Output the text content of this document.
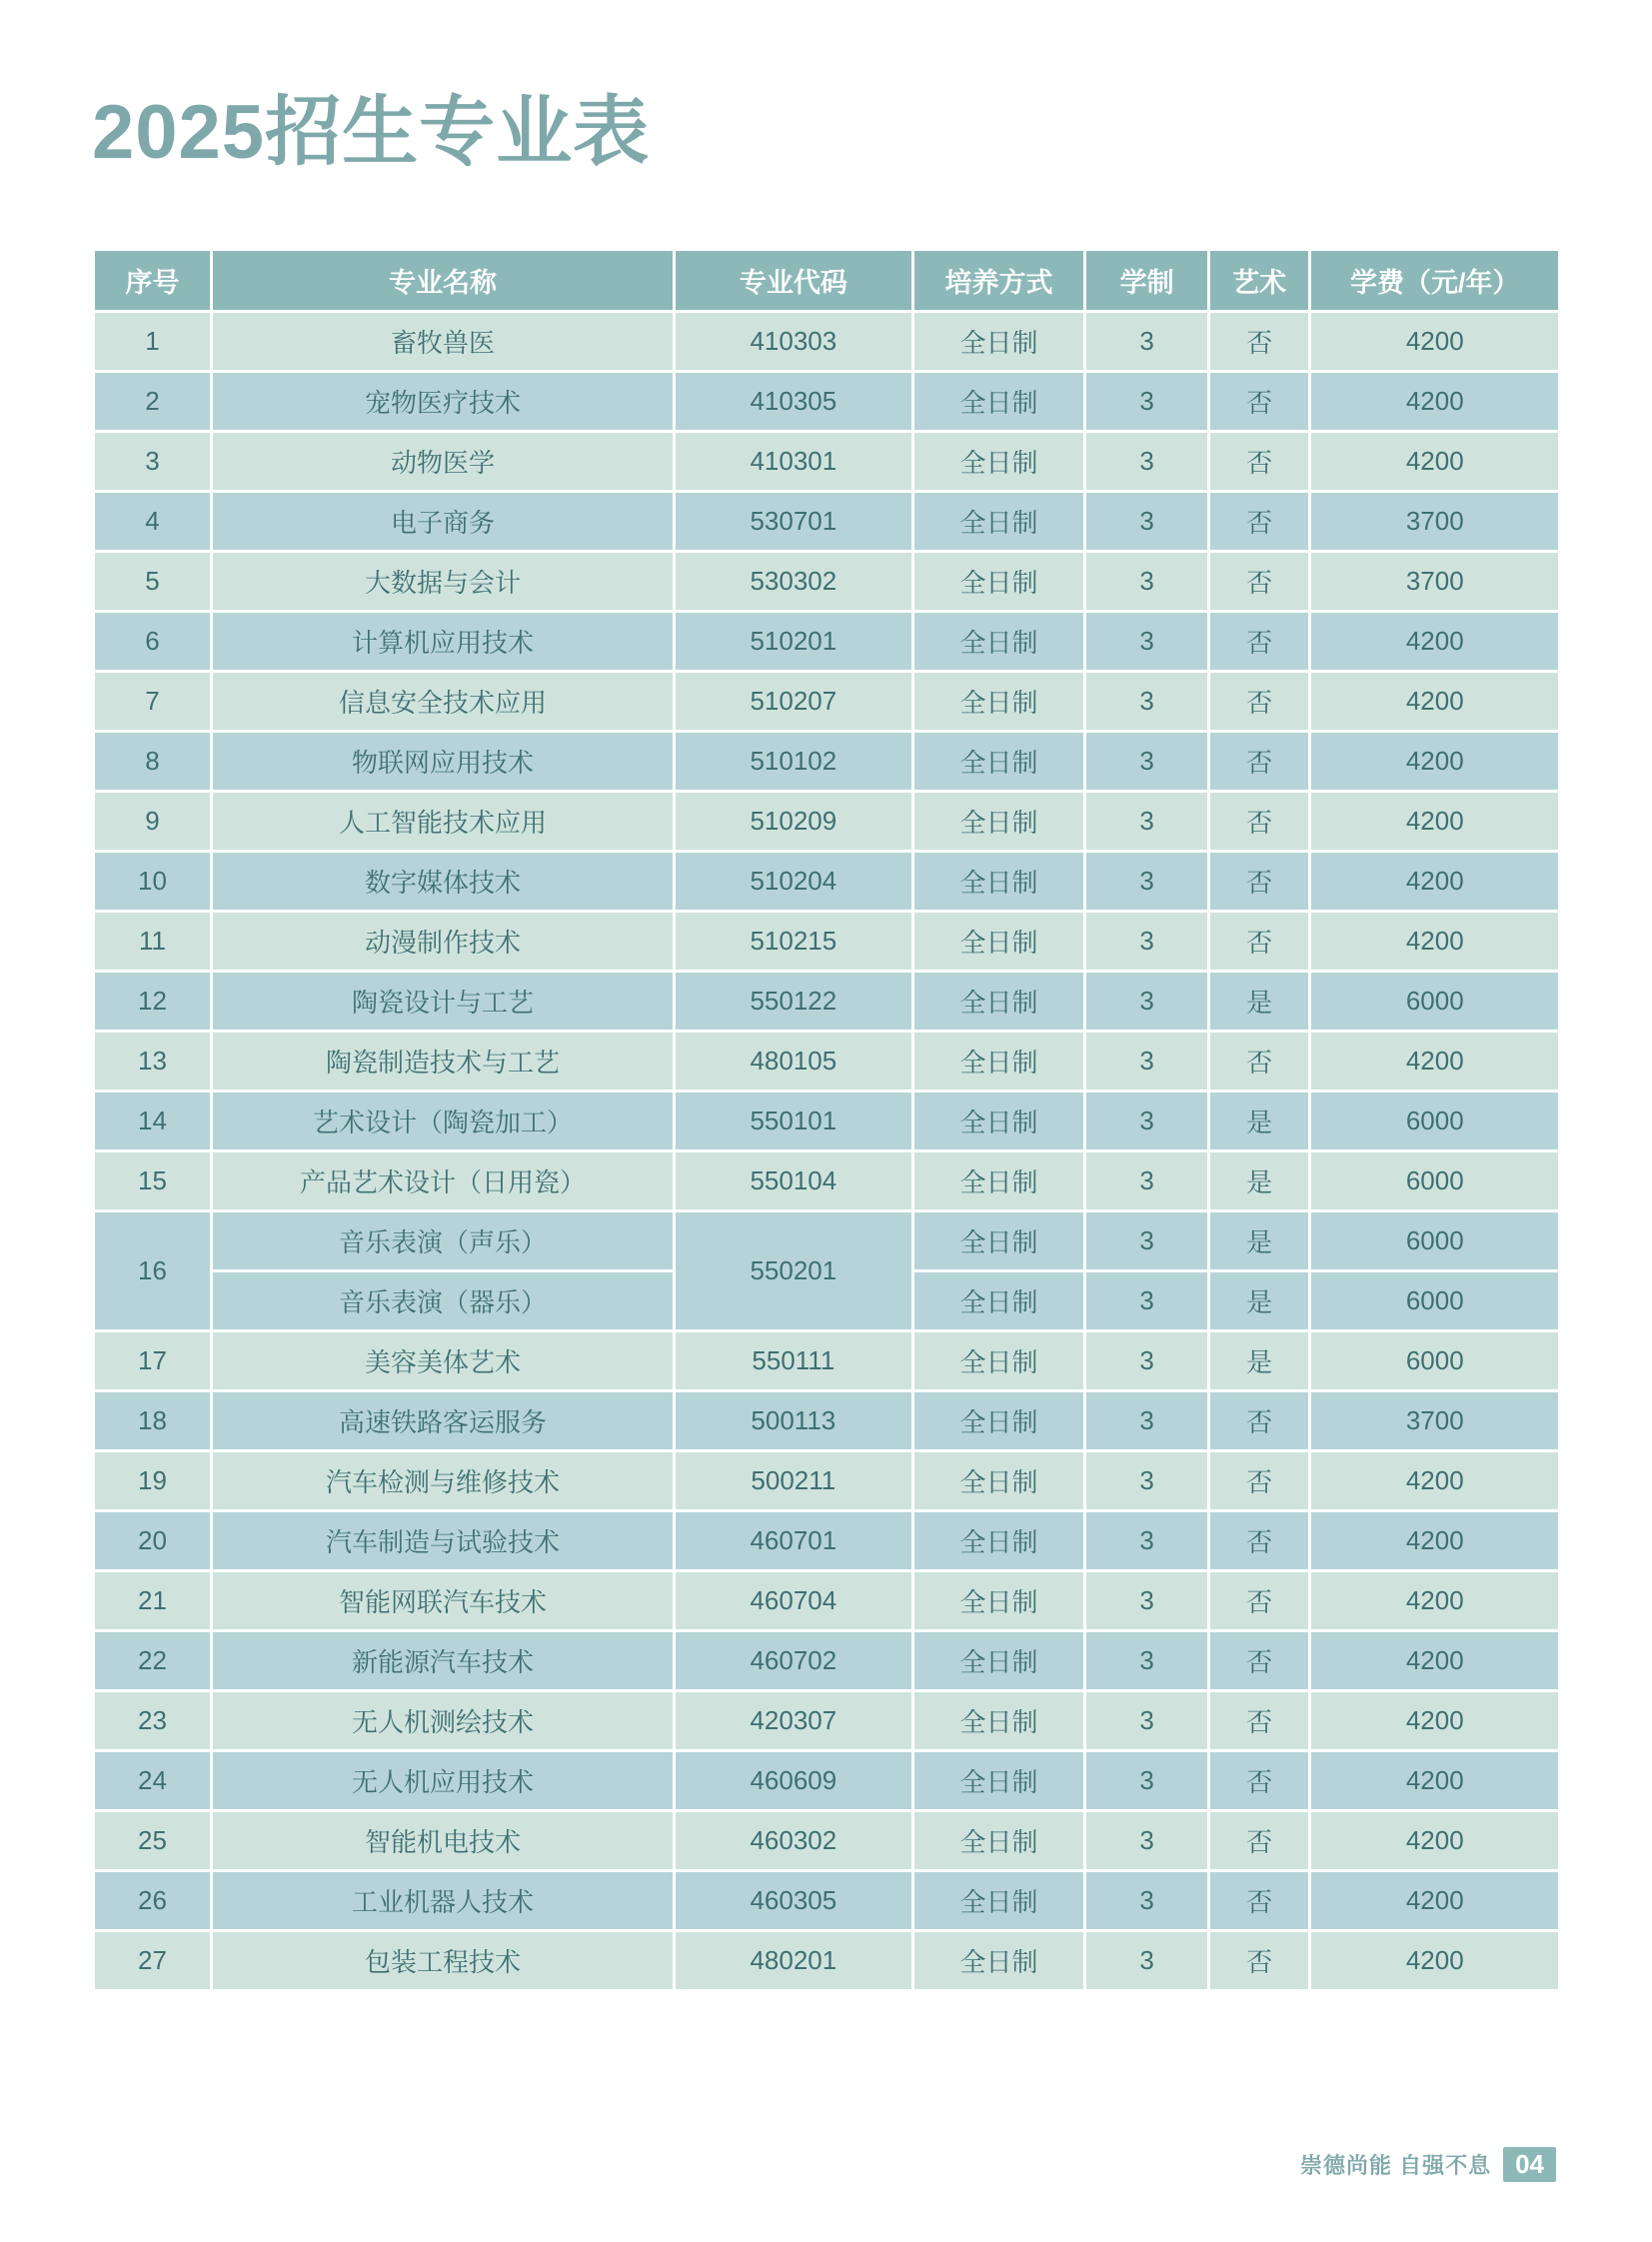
2025招生专业表
序号	专业名称	专业代码	培养方式	学制	艺术	学费（元/年）
1	畜牧兽医	410303	全日制	3	否	4200
2	宠物医疗技术	410305	全日制	3	否	4200
3	动物医学	410301	全日制	3	否	4200
4	电子商务	530701	全日制	3	否	3700
5	大数据与会计	530302	全日制	3	否	3700
6	计算机应用技术	510201	全日制	3	否	4200
7	信息安全技术应用	510207	全日制	3	否	4200
8	物联网应用技术	510102	全日制	3	否	4200
9	人工智能技术应用	510209	全日制	3	否	4200
10	数字媒体技术	510204	全日制	3	否	4200
11	动漫制作技术	510215	全日制	3	否	4200
12	陶瓷设计与工艺	550122	全日制	3	是	6000
13	陶瓷制造技术与工艺	480105	全日制	3	否	4200
14	艺术设计（陶瓷加工）	550101	全日制	3	是	6000
15	产品艺术设计（日用瓷）	550104	全日制	3	是	6000
16	音乐表演（声乐）	550201	全日制	3	是	6000
	音乐表演（器乐）		全日制	3	是	6000
17	美容美体艺术	550111	全日制	3	是	6000
18	高速铁路客运服务	500113	全日制	3	否	3700
19	汽车检测与维修技术	500211	全日制	3	否	4200
20	汽车制造与试验技术	460701	全日制	3	否	4200
21	智能网联汽车技术	460704	全日制	3	否	4200
22	新能源汽车技术	460702	全日制	3	否	4200
23	无人机测绘技术	420307	全日制	3	否	4200
24	无人机应用技术	460609	全日制	3	否	4200
25	智能机电技术	460302	全日制	3	否	4200
26	工业机器人技术	460305	全日制	3	否	4200
27	包装工程技术	480201	全日制	3	否	4200
崇德尚能 自强不息 04
